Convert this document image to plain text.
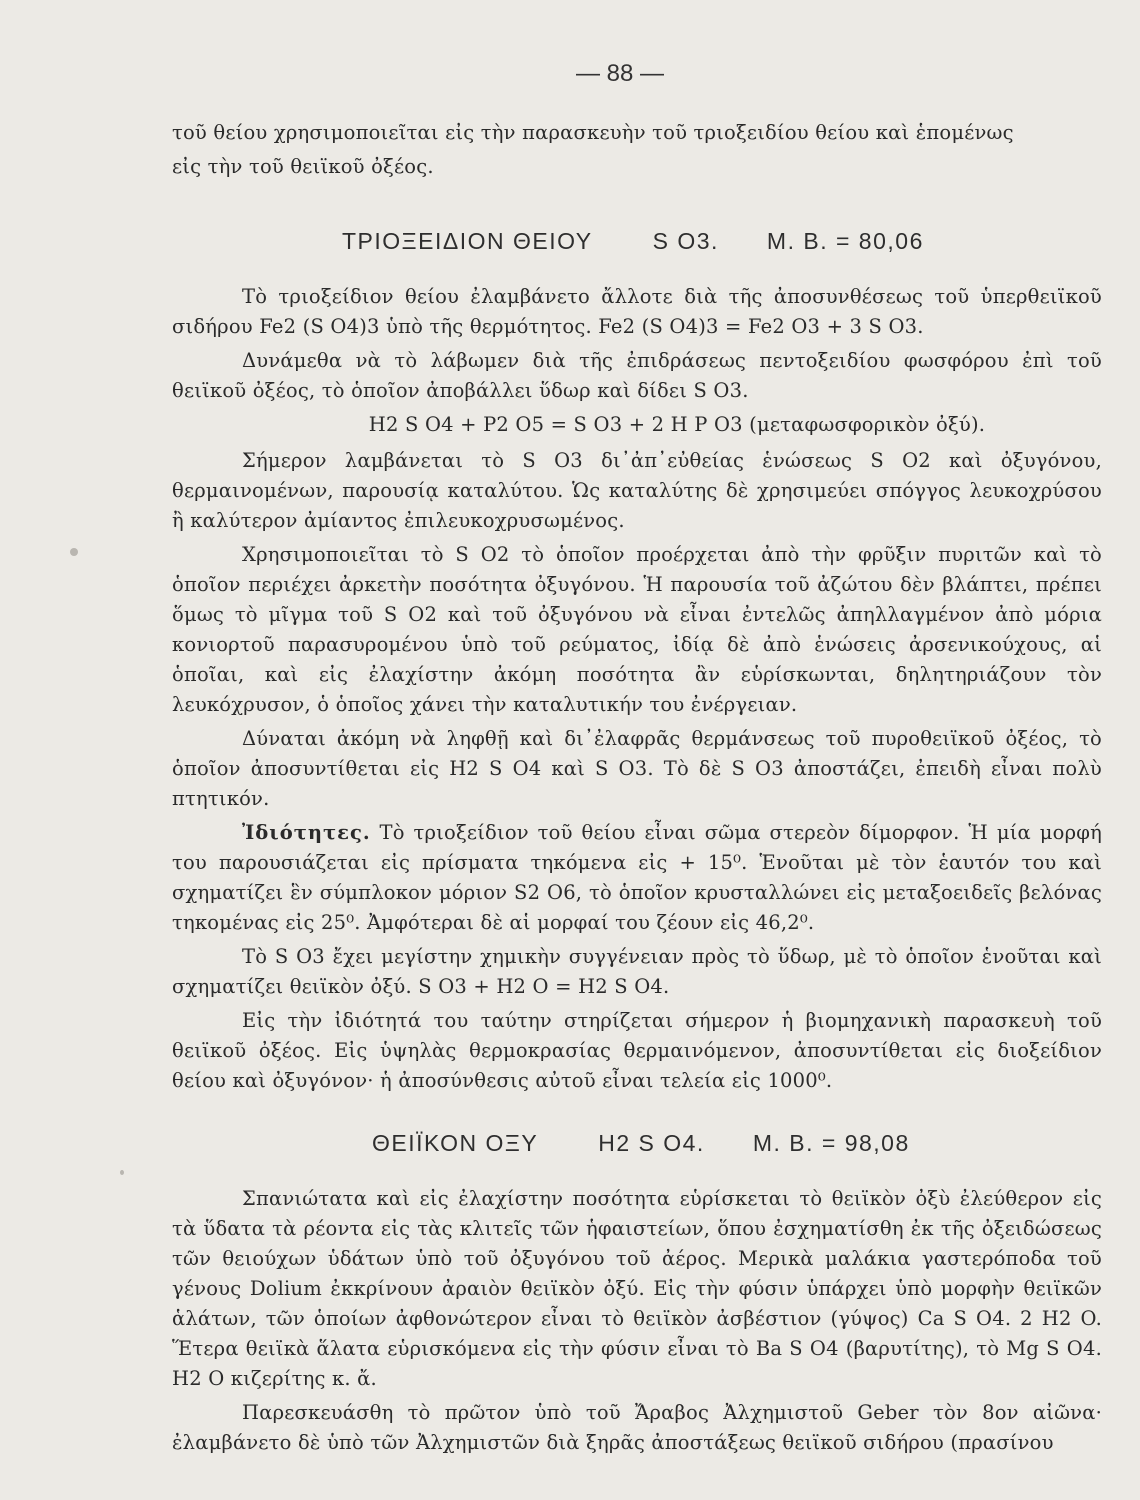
— 88 —

τοῦ θείου χρησιμοποιεῖται εἰς τὴν παρασκευὴν τοῦ τριοξειδίου θείου καὶ ἑπομένως

εἰς τὴν τοῦ θειϊκοῦ ὀξέος.

ΤΡΙΟΞΕΙΔΙΟΝ ΘΕΙΟΥ	S O3. Μ. Β. = 80,06

Τὸ τριοξείδιον θείου ἐλαμβάνετο ἄλλοτε διὰ τῆς ἀποσυνθέσεως τοῦ ὑπερθειϊκοῦ σιδήρου Fe2 (S O4)3 ὑπὸ τῆς θερμότητος. Fe2 (S O4)3 = Fe2 O3 + 3 S O3.

Δυνάμεθα νὰ τὸ λάβωμεν διὰ τῆς ἐπιδράσεως πεντοξειδίου φωσφόρου ἐπὶ τοῦ θειϊκοῦ ὀξέος, τὸ ὁποῖον ἀποβάλλει ὕδωρ καὶ δίδει S O3.

H2 S O4 + P2 O5 = S O3 + 2 H P O3 (μεταφωσφορικὸν ὀξύ).

Σήμερον λαμβάνεται τὸ S O3 δι᾽ἀπ᾽εὐθείας ἑνώσεως S O2 καὶ ὀξυγόνου, θερμαινομένων, παρουσίᾳ καταλύτου. Ὡς καταλύτης δὲ χρησιμεύει σπόγγος λευκοχρύσου ἢ καλύτερον ἀμίαντος ἐπιλευκοχρυσωμένος.

Χρησιμοποιεῖται τὸ S O2 τὸ ὁποῖον προέρχεται ἀπὸ τὴν φρῦξιν πυριτῶν καὶ τὸ ὁποῖον περιέχει ἀρκετὴν ποσότητα ὀξυγόνου. Ἡ παρουσία τοῦ ἀζώτου δὲν βλάπτει, πρέπει ὅμως τὸ μῖγμα τοῦ S O2 καὶ τοῦ ὀξυγόνου νὰ εἶναι ἐντελῶς ἀπηλλαγμένον ἀπὸ μόρια κονιορτοῦ παρασυρομένου ὑπὸ τοῦ ρεύματος, ἰδίᾳ δὲ ἀπὸ ἑνώσεις ἀρσενικούχους, αἱ ὁποῖαι, καὶ εἰς ἐλαχίστην ἀκόμη ποσότητα ἂν εὑρίσκωνται, δηλητηριάζουν τὸν λευκόχρυσον, ὁ ὁποῖος χάνει τὴν καταλυτικήν του ἐνέργειαν.

Δύναται ἀκόμη νὰ ληφθῇ καὶ δι᾽ἐλαφρᾶς θερμάνσεως τοῦ πυροθειϊκοῦ ὀξέος, τὸ ὁποῖον ἀποσυντίθεται εἰς H2 S O4 καὶ S O3. Τὸ δὲ S O3 ἀποστάζει, ἐπειδὴ εἶναι πολὺ πτητικόν.

Ἰδιότητες. Τὸ τριοξείδιον τοῦ θείου εἶναι σῶμα στερεὸν δίμορφον. Ἡ μία μορφή του παρουσιάζεται εἰς πρίσματα τηκόμενα εἰς + 15⁰. Ἑνοῦται μὲ τὸν ἑαυτόν του καὶ σχηματίζει ἓν σύμπλοκον μόριον S2 O6, τὸ ὁποῖον κρυσταλλώνει εἰς μεταξοειδεῖς βελόνας τηκομένας εἰς 25⁰. Ἀμφότεραι δὲ αἱ μορφαί του ζέουν εἰς 46,2⁰.

Τὸ S O3 ἔχει μεγίστην χημικὴν συγγένειαν πρὸς τὸ ὕδωρ, μὲ τὸ ὁποῖον ἑνοῦται καὶ σχηματίζει θειϊκὸν ὀξύ. S O3 + H2 O = H2 S O4.

Εἰς τὴν ἰδιότητά του ταύτην στηρίζεται σήμερον ἡ βιομηχανικὴ παρασκευὴ τοῦ θειϊκοῦ ὀξέος. Εἰς ὑψηλὰς θερμοκρασίας θερμαινόμενον, ἀποσυντίθεται εἰς διοξείδιον θείου καὶ ὀξυγόνον· ἡ ἀποσύνθεσις αὐτοῦ εἶναι τελεία εἰς 1000⁰.

ΘΕΙΪΚΟΝ ΟΞΥ	H2 S O4. Μ. Β. = 98,08

Σπανιώτατα καὶ εἰς ἐλαχίστην ποσότητα εὑρίσκεται τὸ θειϊκὸν ὀξὺ ἐλεύθερον εἰς τὰ ὕδατα τὰ ρέοντα εἰς τὰς κλιτεῖς τῶν ἡφαιστείων, ὅπου ἐσχηματίσθη ἐκ τῆς ὀξειδώσεως τῶν θειούχων ὑδάτων ὑπὸ τοῦ ὀξυγόνου τοῦ ἀέρος. Μερικὰ μαλάκια γαστερόποδα τοῦ γένους Dolium ἐκκρίνουν ἀραιὸν θειϊκὸν ὀξύ. Εἰς τὴν φύσιν ὑπάρχει ὑπὸ μορφὴν θειϊκῶν ἁλάτων, τῶν ὁποίων ἀφθονώτερον εἶναι τὸ θειϊκὸν ἀσβέστιον (γύψος) Ca S O4. 2 H2 O. Ἕτερα θειϊκὰ ἅλατα εὑρισκόμενα εἰς τὴν φύσιν εἶναι τὸ Ba S O4 (βαρυτίτης), τὸ Mg S O4. H2 O κιζερίτης κ. ἄ.

Παρεσκευάσθη τὸ πρῶτον ὑπὸ τοῦ Ἄραβος Ἀλχημιστοῦ Geber τὸν 8ον αἰῶνα· ἐλαμβάνετο δὲ ὑπὸ τῶν Ἀλχημιστῶν διὰ ξηρᾶς ἀποστάξεως θειϊκοῦ σιδήρου (πρασίνου
